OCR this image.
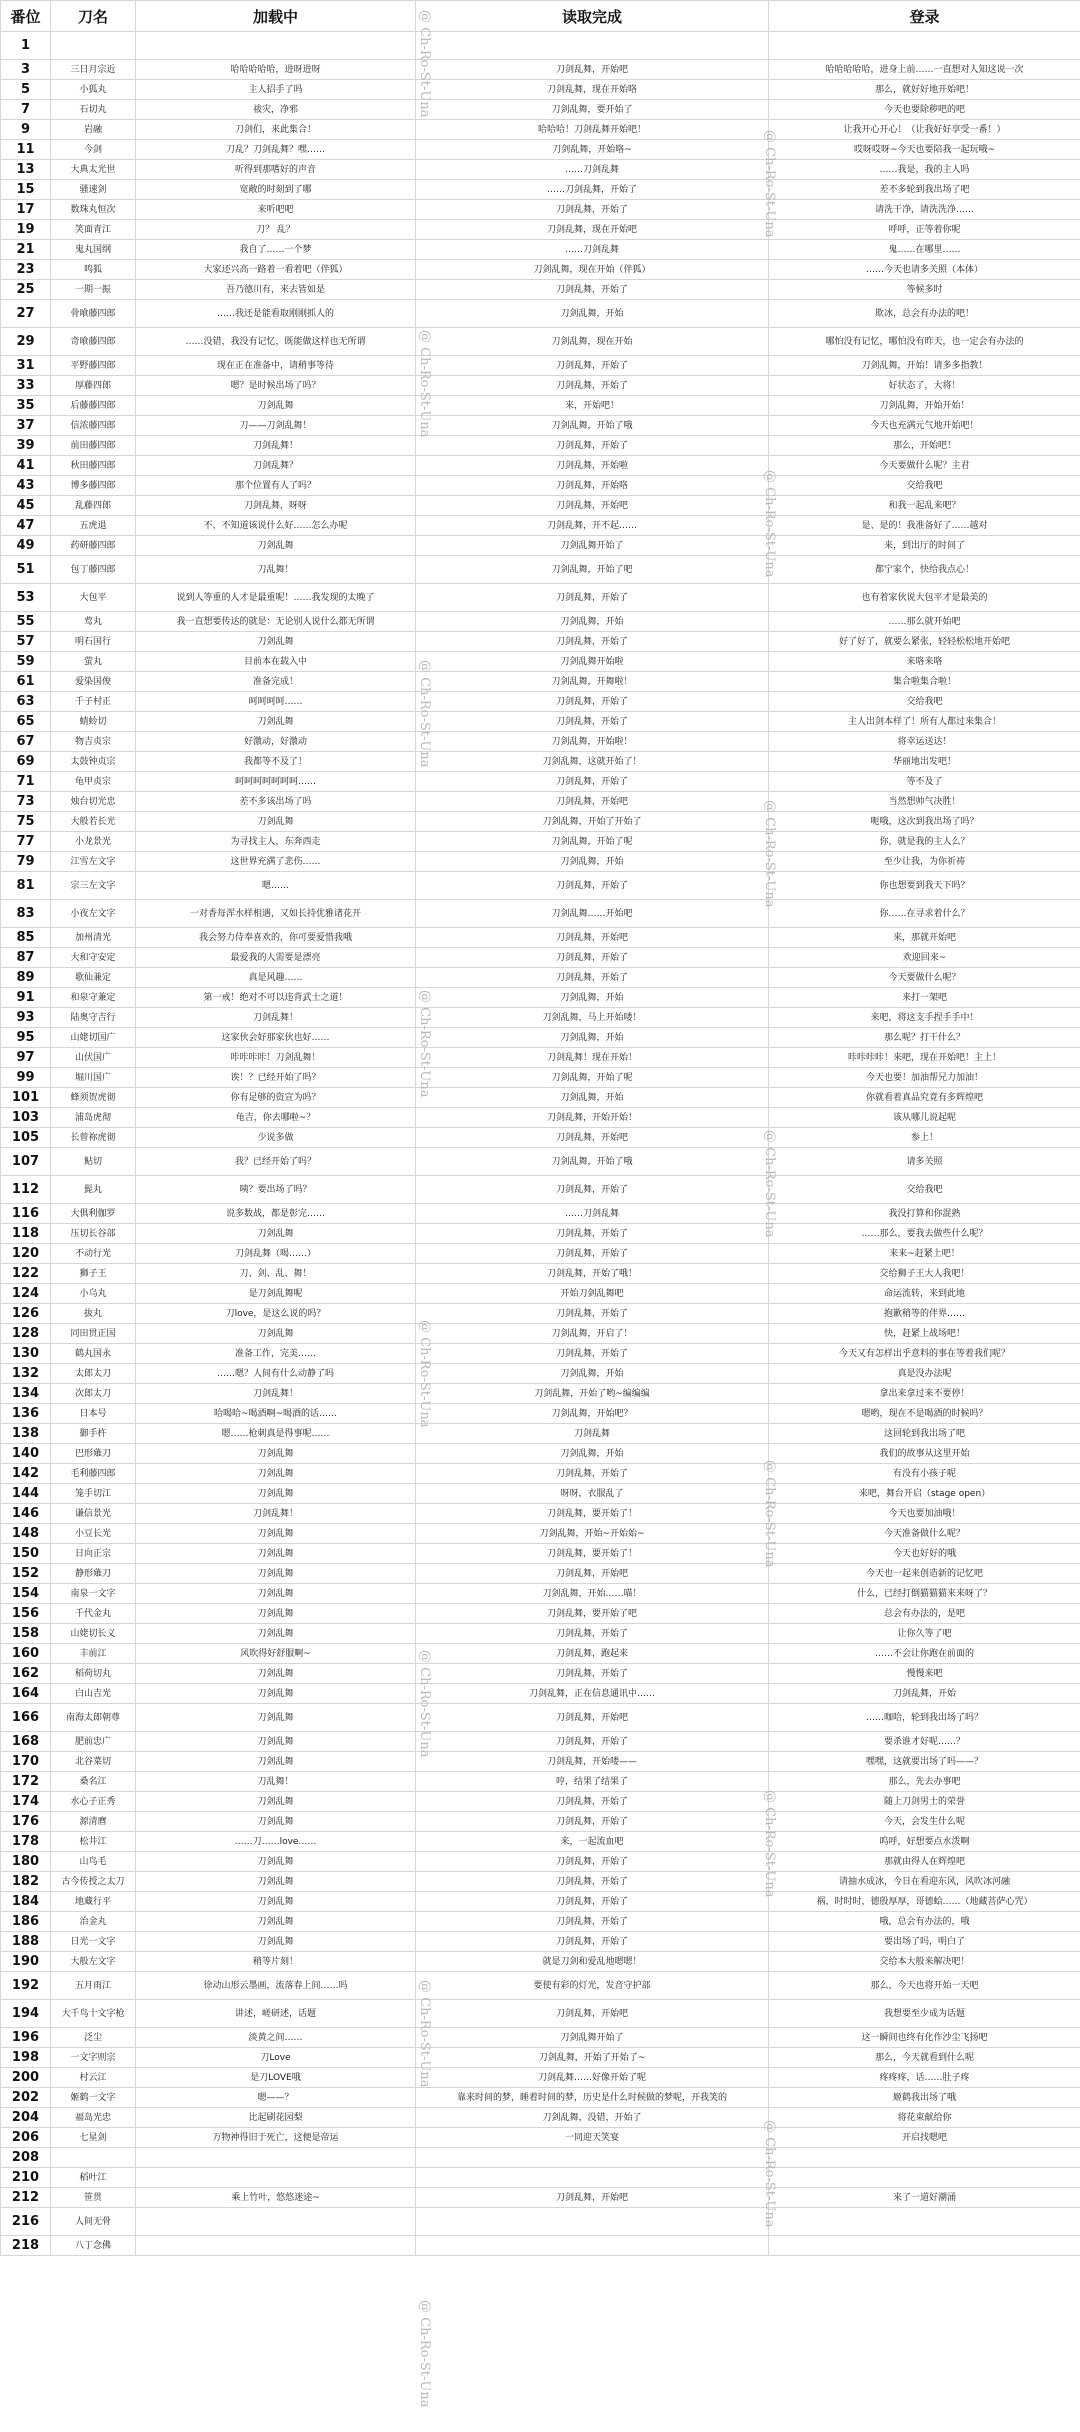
番位	刀名	加载中	读取完成	登录
1				
3	三日月宗近	哈哈哈哈哈，进呀进呀	刀剑乱舞，开始吧	哈哈哈哈哈，进身上前……一直想对人知这说一次
5	小狐丸	主人招手了吗	刀剑乱舞，现在开始咯	那么，就好好地开始吧！
7	石切丸	祓灾，净邪	刀剑乱舞，要开始了	今天也要除秽吧的吧
9	岩融	刀剑们，来此集合！	哈哈哈！刀剑乱舞开始吧！	让我开心开心！（让我好好享受一番！）
11	今剑	刀乱？刀剑乱舞？嘿……	刀剑乱舞，开始咯~	哎呀哎呀~今天也要陪我一起玩哦~
13	大典太光世	听得到那嗜好的声音	……刀剑乱舞	……我是，我的主人吗
15	骚速剑	宽敞的时刻到了哪	……刀剑乱舞，开始了	差不多轮到我出场了吧
17	数珠丸恒次	来听吧吧	刀剑乱舞，开始了	请洗干净，请洗洗净……
19	笑面青江	刀？ 乱？	刀剑乱舞，现在开始吧	呼呼，正等着你呢
21	鬼丸国纲	我自了……一个梦	……刀剑乱舞	鬼……在哪里……
23	鸣狐	大家还兴高一路着一看着吧（伴狐）	刀剑乱舞，现在开始（伴狐）	……今天也请多关照（本体）
25	一期一振	吾乃德川有，来去皆如是	刀剑乱舞，开始了	等候多时
27	骨喰藤四郎	……我还是能看取刚刚抓人的	刀剑乱舞，开始	欺冰，总会有办法的吧！
29	奇喰藤四郎	……没错，我没有记忆，既能做这样也无所谓	刀剑乱舞，现在开始	哪怕没有记忆，哪怕没有昨天，也一定会有办法的
31	平野藤四郎	现在正在准备中，请稍事等待	刀剑乱舞，开始了	刀剑乱舞，开始！请多多指教！
33	厚藤四郎	嗯？是时候出场了吗？	刀剑乱舞，开始了	好状态了，大将！
35	后藤藤四郎	刀剑乱舞	来，开始吧！	刀剑乱舞，开始开始！
37	信浓藤四郎	刀——刀剑乱舞！	刀剑乱舞，开始了哦	今天也充满元气地开始吧！
39	前田藤四郎	刀剑乱舞！	刀剑乱舞，开始了	那么，开始吧！
41	秋田藤四郎	刀剑乱舞？	刀剑乱舞，开始啦	今天要做什么呢？主君
43	博多藤四郎	那个位置有人了吗？	刀剑乱舞，开始咯	交给我吧
45	乱藤四郎	刀剑乱舞，呀呀	刀剑乱舞，开始吧	和我一起乱来吧？
47	五虎退	不、不知道该说什么好……怎么办呢	刀剑乱舞，开不起……	是、是的！我准备好了……越对
49	药研藤四郎	刀剑乱舞	刀剑乱舞开始了	来，到出厅的时间了
51	包丁藤四郎	刀乱舞！	刀剑乱舞，开始了吧	都宁家个，快给我点心！
53	大包平	说到人等重的人才是最重呢！……我发现的太晚了	刀剑乱舞，开始了	也有着家伙说大包平才是最美的
55	莺丸	我一直想要传达的就是：无论别人说什么都无所谓	刀剑乱舞，开始	……那么就开始吧
57	明石国行	刀剑乱舞	刀剑乱舞，开始了	好了好了，就要么紧张，轻轻松松地开始吧
59	萤丸	目前本在载入中	刀剑乱舞开始啦	来咯来咯
61	爱染国俊	准备完成！	刀剑乱舞，开舞啦！	集合啦集合啦！
63	千子村正	呵呵呵呵……	刀剑乱舞，开始了	交给我吧
65	蜻蛉切	刀剑乱舞	刀剑乱舞，开始了	主人出剑本样了！所有人都过来集合！
67	物吉贞宗	好激动，好激动	刀剑乱舞，开始啦！	将幸运送达！
69	太鼓钟贞宗	我都等不及了！	刀剑乱舞，这就开始了！	华丽地出发吧！
71	龟甲贞宗	呵呵呵呵呵呵呵……	刀剑乱舞，开始了	等不及了
73	烛台切光忠	差不多该出场了吗	刀剑乱舞，开始吧	当然想帅气决胜！
75	大般若长光	刀剑乱舞	刀剑乱舞，开始了开始了	呃哦，这次到我出场了吗？
77	小龙景光	为寻找主人，东奔西走	刀剑乱舞，开始了呢	你，就是我的主人么？
79	江雪左文字	这世界充满了悲伤……	刀剑乱舞，开始	至少让我，为你祈祷
81	宗三左文字	嗯……	刀剑乱舞，开始了	你也想要到我天下吗？
83	小夜左文字	一对香每浑水样相遇，又如长持优雅诸花开	刀剑乱舞……开始吧	你……在寻求着什么？
85	加州清光	我会努力侍奉喜欢的，你可要爱惜我哦	刀剑乱舞，开始吧	来，那就开始吧
87	大和守安定	最爱我的人需要是漂亮	刀剑乱舞，开始了	欢迎回来~
89	歌仙兼定	真是风趣……	刀剑乱舞，开始了	今天要做什么呢？
91	和泉守兼定	第一戒！绝对不可以违背武士之道！	刀剑乱舞，开始	来打一架吧
93	陆奥守吉行	刀剑乱舞！	刀剑乱舞，马上开始喽！	来吧，将这支手捏手手中！
95	山姥切国广	这家伙会好那家伙也好……	刀剑乱舞，开始	那么呢？打干什么？
97	山伏国广	咔咔咔咔！刀剑乱舞！	刀剑乱舞！现在开始！	咔咔咔咔！来吧，现在开始吧！主上！
99	堀川国广	诶！？已经开始了吗？	刀剑乱舞，开始了呢	今天也要！加油帮兄力加油！
101	蜂须贺虎彻	你有足够的资宣为吗？	刀剑乱舞，开始	你就看着真品究竟有多辉煌吧
103	浦岛虎彻	龟吉，你去哪啦~？	刀剑乱舞，开始开始！	该从哪儿说起呢
105	长曾祢虎彻	少说多做	刀剑乱舞，开始吧	参上！
107	鲇切	我？已经开始了吗？	刀剑乱舞，开始了哦	请多关照
112	髭丸	咦？要出场了吗？	刀剑乱舞，开始了	交给我吧
116	大俱利伽罗	说多数战，都是彰完……	……刀剑乱舞	我没打算和你混熟
118	压切长谷部	刀剑乱舞	刀剑乱舞，开始了	……那么，要我去做些什么呢？
120	不动行光	刀剑乱舞（喝……）	刀剑乱舞，开始了	来来~赶紧上吧！
122	狮子王	刀、剑、乱、舞！	刀剑乱舞，开始了哦！	交给狮子王大人我吧！
124	小乌丸	是刀剑乱舞呢	开始刀剑乱舞吧	命运流转，来到此地
126	抜丸	刀love，是这么说的吗？	刀剑乱舞，开始了	抱歉稍等的伴界……
128	同田贯正国	刀剑乱舞	刀剑乱舞，开启了！	快，赶紧上战场吧！
130	鹤丸国永	准备工作，完美……	刀剑乱舞，开始了	今天又有怎样出乎意料的事在等着我们呢？
132	太郎太刀	……嗯？人间有什么动静了吗	刀剑乱舞，开始	真是没办法呢
134	次郎太刀	刀剑乱舞！	刀剑乱舞，开始了哟~编编编	拿出来拿过来不要停！
136	日本号	哈喝哈~喝酒啊~喝酒的话……	刀剑乱舞，开始吧？	嗯哟，现在不是喝酒的时候吗？
138	御手杵	嗯……枪刺真是得事呢……	刀剑乱舞	这回轮到我出场了吧
140	巴形薙刀	刀剑乱舞	刀剑乱舞，开始	我们的故事从这里开始
142	毛利藤四郎	刀剑乱舞	刀剑乱舞，开始了	有没有小孩子呢
144	笼手切江	刀剑乱舞	呀呀，衣服乱了	来吧，舞台开启（stage open）
146	谦信景光	刀剑乱舞！	刀剑乱舞，要开始了！	今天也要加油哦！
148	小豆长光	刀剑乱舞	刀剑乱舞，开始~开始始~	今天准备做什么呢？
150	日向正宗	刀剑乱舞	刀剑乱舞，要开始了！	今天也好好的哦
152	静形薙刀	刀剑乱舞	刀剑乱舞，开始吧	今天也一起来创造新的记忆吧
154	南泉一文字	刀剑乱舞	刀剑乱舞，开始……喵！	什么，已经打倒猫猫猫来来呀了？
156	千代金丸	刀剑乱舞	刀剑乱舞，要开始了吧	总会有办法的，是吧
158	山姥切长义	刀剑乱舞	刀剑乱舞，开始了	让你久等了吧
160	丰前江	风吹得好舒服啊~	刀剑乱舞，跑起来	……不会让你跑在前面的
162	稻荷切丸	刀剑乱舞	刀剑乱舞，开始了	慢慢来吧
164	白山吉光	刀剑乱舞	刀剑乱舞，正在信息通讯中……	刀剑乱舞，开始
166	南海太郎朝尊	刀剑乱舞	刀剑乱舞，开始吧	……咖哈，轮到我出场了吗？
168	肥前忠广	刀剑乱舞	刀剑乱舞，开始了	要杀谁才好呢……？
170	北谷菜切	刀剑乱舞	刀剑乱舞，开始喽——	嘿嘿，这就要出场了吗——？
172	桑名江	刀乱舞！	哼，结果了结果了	那么，先去办事吧
174	水心子正秀	刀剑乱舞	刀剑乱舞，开始了	随上刀剑男士的荣誉
176	源清麿	刀剑乱舞	刀剑乱舞，开始了	今天，会发生什么呢
178	松井江	……刀……love……	来，一起流血吧	呜呼，好想要点水泼啊
180	山鸟毛	刀剑乱舞	刀剑乱舞，开始了	那就由得人在辉煌吧
182	古今传授之太刀	刀剑乱舞	刀剑乱舞，开始了	请抽水成冰，今日在看迎东风，风吹冰河融
184	地藏行平	刀剑乱舞	刀剑乱舞，开始了	祸，时时时，德殷厚厚，哥德蛤……（地藏菩萨心咒）
186	治金丸	刀剑乱舞	刀剑乱舞，开始了	哦，总会有办法的，哦
188	日光一文字	刀剑乱舞	刀剑乱舞，开始了	要出场了吗，明白了
190	大般左文字	稍等片刻！	就是刀剑和爱乱地嗯嗯！	交给本大般来解决吧！
192	五月雨江	徐动山形云墨画，流落春上间……吗	要使有彩的灯光，发音守护部	那么，今天也将开始一天吧
194	大千鸟十文字枪	讲述，嵯研述，话题	刀剑乱舞，开始吧	我想要至少成为话题
196	泛尘	淡黄之间……	刀剑乱舞开始了	这一瞬间也终有化作沙尘飞扬吧
198	一文字则宗	刀Love	刀剑乱舞，开始了开始了~	那么，今天就看到什么呢
200	村云江	是刀LOVE哦	刀剑乱舞……好像开始了呢	疼疼疼，话……肚子疼
202	姬鹤一文字	嗯——？	靠来时间的梦，睡着时间的梦，历史是什么时候做的梦呢，开我笑的	姬鹤我出场了哦
204	福岛光忠	比起刷花园梨	刀剑乱舞，没错，开始了	将花束献给你
206	七星剑	万物神得旧于死亡，这便是帝运	一同迎天笑宴	开启找嗯吧
208				
210	稻叶江			
212	笹贯	乘上竹叶，悠悠迷途~	刀剑乱舞，开始吧	来了一道好潮涌
216	人间无骨			
218	八丁念佛			
@ Ch-Ro-St-Una
@ Ch-Ro-St-Una
@ Ch-Ro-St-Una
@ Ch-Ro-St-Una
@ Ch-Ro-St-Una
@ Ch-Ro-St-Una
@ Ch-Ro-St-Una
@ Ch-Ro-St-Una
@ Ch-Ro-St-Una
@ Ch-Ro-St-Una
@ Ch-Ro-St-Una
@ Ch-Ro-St-Una
@ Ch-Ro-St-Una
@ Ch-Ro-St-Una
@ Ch-Ro-St-Una
